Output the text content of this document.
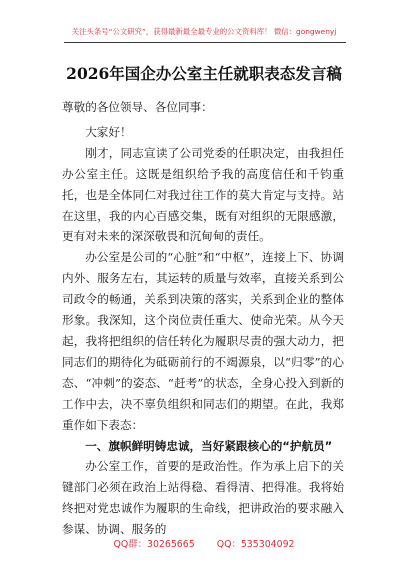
关注头条号“公文研究”，获得最新最全最专业的公文资料库！ 微信：gongwenyj
2026年国企办公室主任就职表态发言稿

尊敬的各位领导、各位同事：

大家好！

刚才，同志宣读了公司党委的任职决定，由我担任办公室主任。这既是组织给予我的高度信任和千钧重托，也是全体同仁对我过往工作的莫大肯定与支持。站在这里，我的内心百感交集，既有对组织的无限感激，更有对未来的深深敬畏和沉甸甸的责任。

办公室是公司的“心脏”和“中枢”，连接上下、协调内外、服务左右，其运转的质量与效率，直接关系到公司政令的畅通，关系到决策的落实，关系到企业的整体形象。我深知，这个岗位责任重大、使命光荣。从今天起，我将把组织的信任转化为履职尽责的强大动力，把同志们的期待化为砥砺前行的不竭源泉，以“归零”的心态、“冲刺”的姿态、“赶考”的状态，全身心投入到新的工作中去，决不辜负组织和同志们的期望。在此，我郑重作如下表态：

一、旗帜鲜明铸忠诚，当好紧跟核心的“护航员”

办公室工作，首要的是政治性。作为承上启下的关键部门必须在政治上站得稳、看得清、把得准。我将始终把对党忠诚作为履职的生命线，把讲政治的要求融入参谋、协调、服务的

QQ群：30265665 QQ：535304092
